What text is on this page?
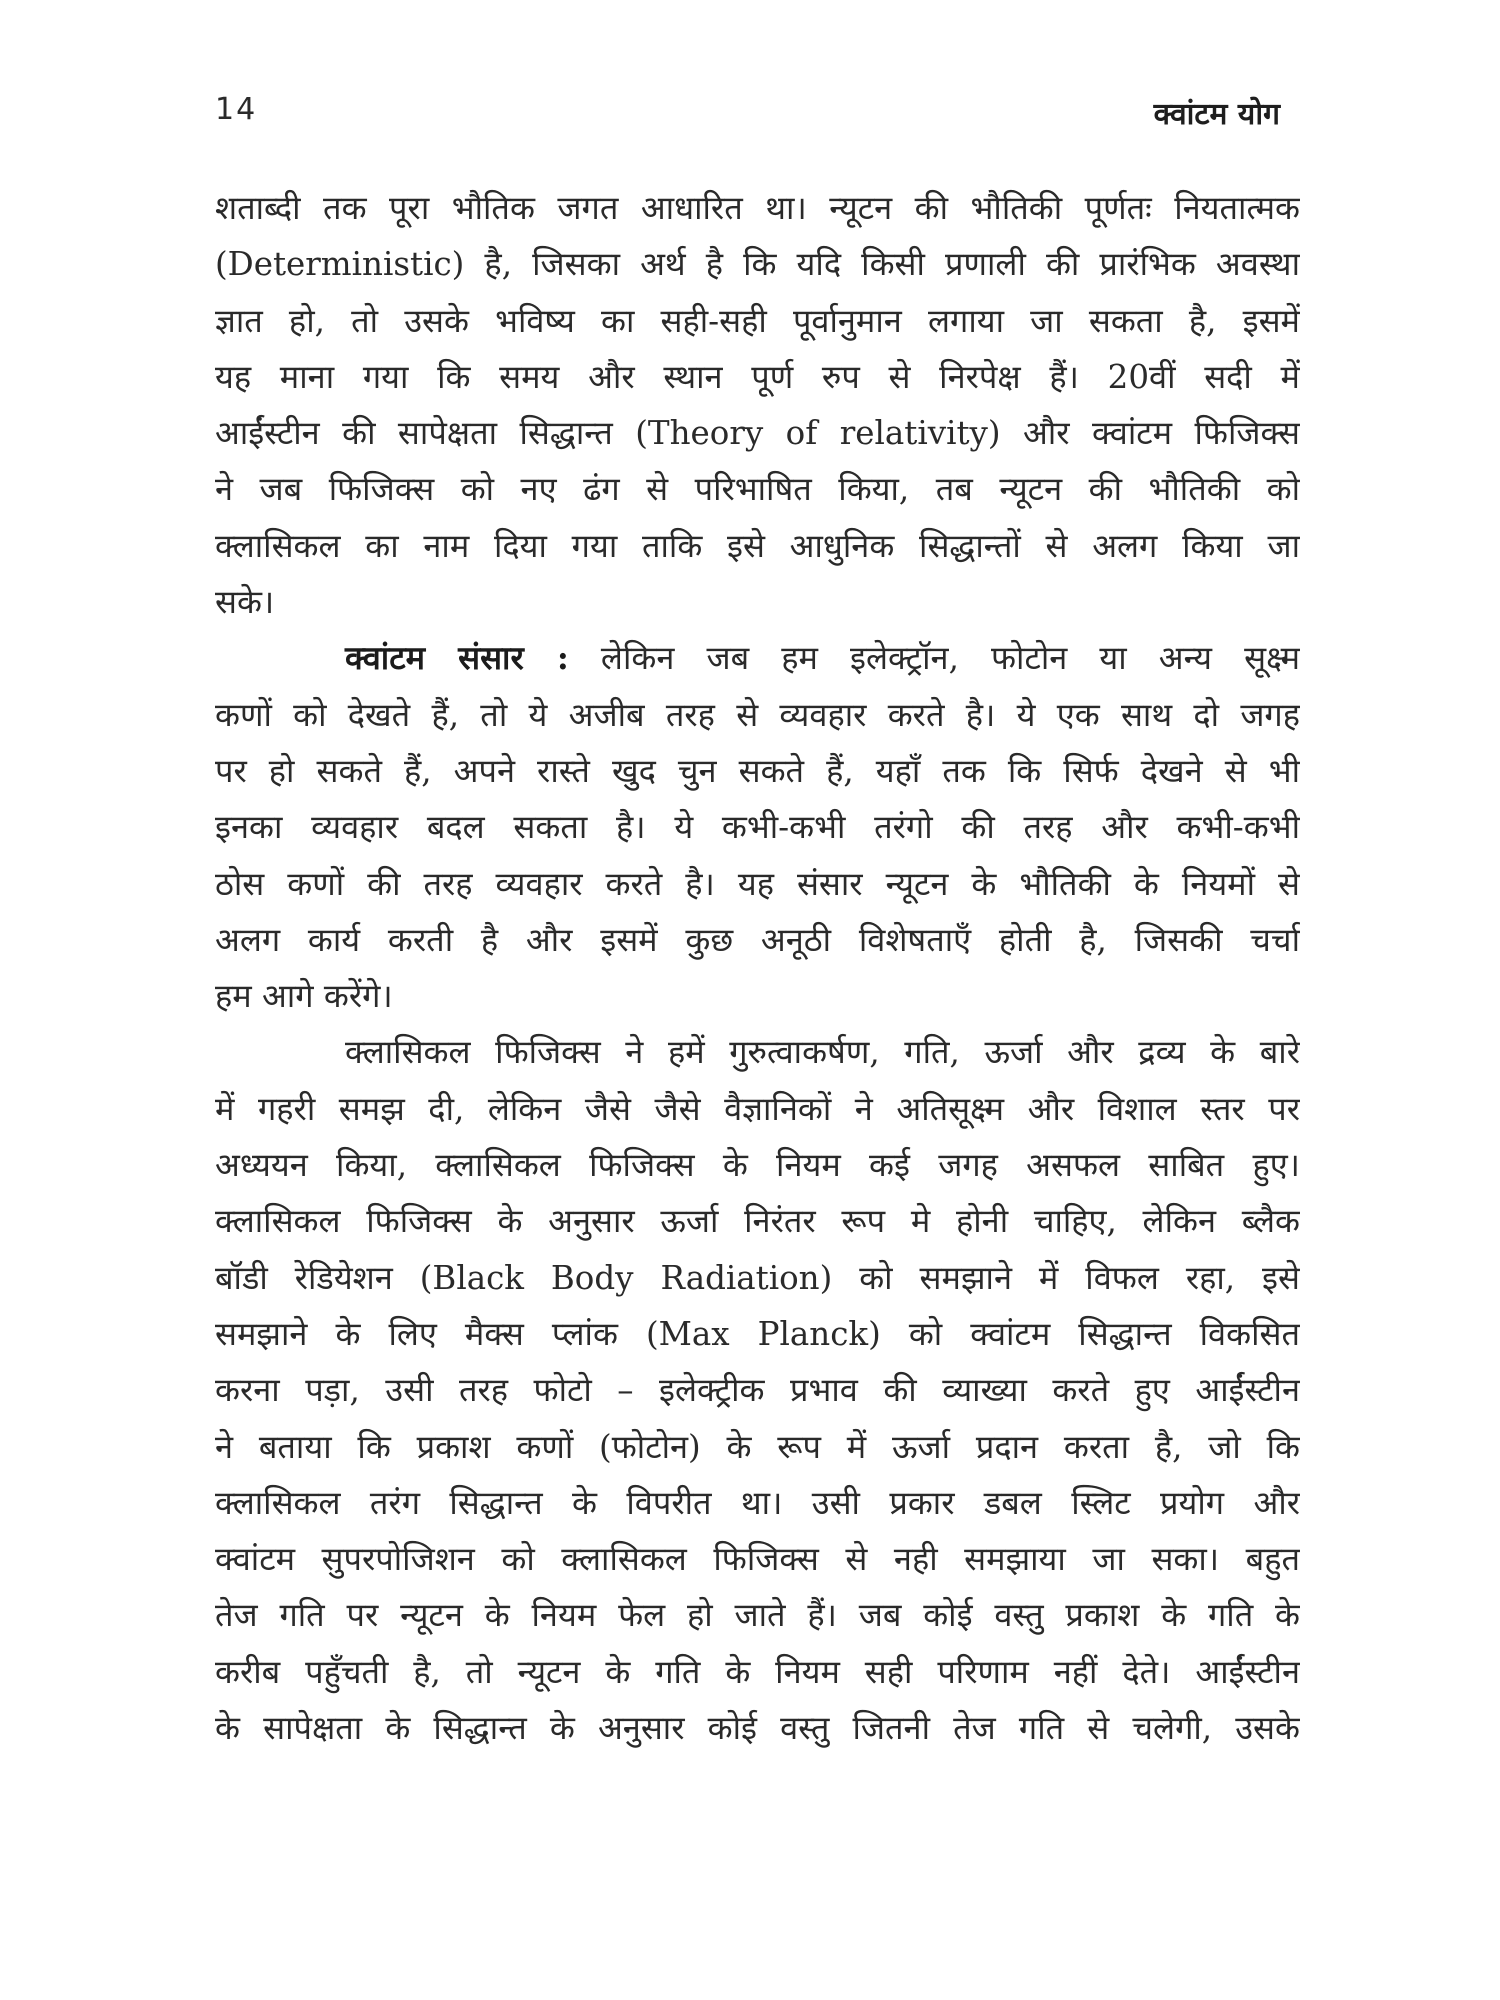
14	क्वांटम योग
शताब्दी तक पूरा भौतिक जगत आधारित था। न्यूटन की भौतिकी पूर्णतः नियतात्मक
(Deterministic) है, जिसका अर्थ है कि यदि किसी प्रणाली की प्रारंभिक अवस्था
ज्ञात हो, तो उसके भविष्य का सही-सही पूर्वानुमान लगाया जा सकता है, इसमें
यह माना गया कि समय और स्थान पूर्ण रुप से निरपेक्ष हैं। 20वीं सदी में
आईंस्टीन की सापेक्षता सिद्धान्त (Theory of relativity) और क्वांटम फिजिक्स
ने जब फिजिक्स को नए ढंग से परिभाषित किया, तब न्यूटन की भौतिकी को
क्लासिकल का नाम दिया गया ताकि इसे आधुनिक सिद्धान्तों से अलग किया जा
सके।
क्वांटम संसार : लेकिन जब हम इलेक्ट्रॉन, फोटोन या अन्य सूक्ष्म
कणों को देखते हैं, तो ये अजीब तरह से व्यवहार करते है। ये एक साथ दो जगह
पर हो सकते हैं, अपने रास्ते खुद चुन सकते हैं, यहाँ तक कि सिर्फ देखने से भी
इनका व्यवहार बदल सकता है। ये कभी-कभी तरंगो की तरह और कभी-कभी
ठोस कणों की तरह व्यवहार करते है। यह संसार न्यूटन के भौतिकी के नियमों से
अलग कार्य करती है और इसमें कुछ अनूठी विशेषताएँ होती है, जिसकी चर्चा
हम आगे करेंगे।
क्लासिकल फिजिक्स ने हमें गुरुत्वाकर्षण, गति, ऊर्जा और द्रव्य के बारे
में गहरी समझ दी, लेकिन जैसे जैसे वैज्ञानिकों ने अतिसूक्ष्म और विशाल स्तर पर
अध्ययन किया, क्लासिकल फिजिक्स के नियम कई जगह असफल साबित हुए।
क्लासिकल फिजिक्स के अनुसार ऊर्जा निरंतर रूप मे होनी चाहिए, लेकिन ब्लैक
बॉडी रेडियेशन (Black Body Radiation) को समझाने में विफल रहा, इसे
समझाने के लिए मैक्स प्लांक (Max Planck) को क्वांटम सिद्धान्त विकसित
करना पड़ा, उसी तरह फोटो – इलेक्ट्रीक प्रभाव की व्याख्या करते हुए आईंस्टीन
ने बताया कि प्रकाश कणों (फोटोन) के रूप में ऊर्जा प्रदान करता है, जो कि
क्लासिकल तरंग सिद्धान्त के विपरीत था। उसी प्रकार डबल स्लिट प्रयोग और
क्वांटम सुपरपोजिशन को क्लासिकल फिजिक्स से नही समझाया जा सका। बहुत
तेज गति पर न्यूटन के नियम फेल हो जाते हैं। जब कोई वस्तु प्रकाश के गति के
करीब पहुँचती है, तो न्यूटन के गति के नियम सही परिणाम नहीं देते। आईंस्टीन
के सापेक्षता के सिद्धान्त के अनुसार कोई वस्तु जितनी तेज गति से चलेगी, उसके
